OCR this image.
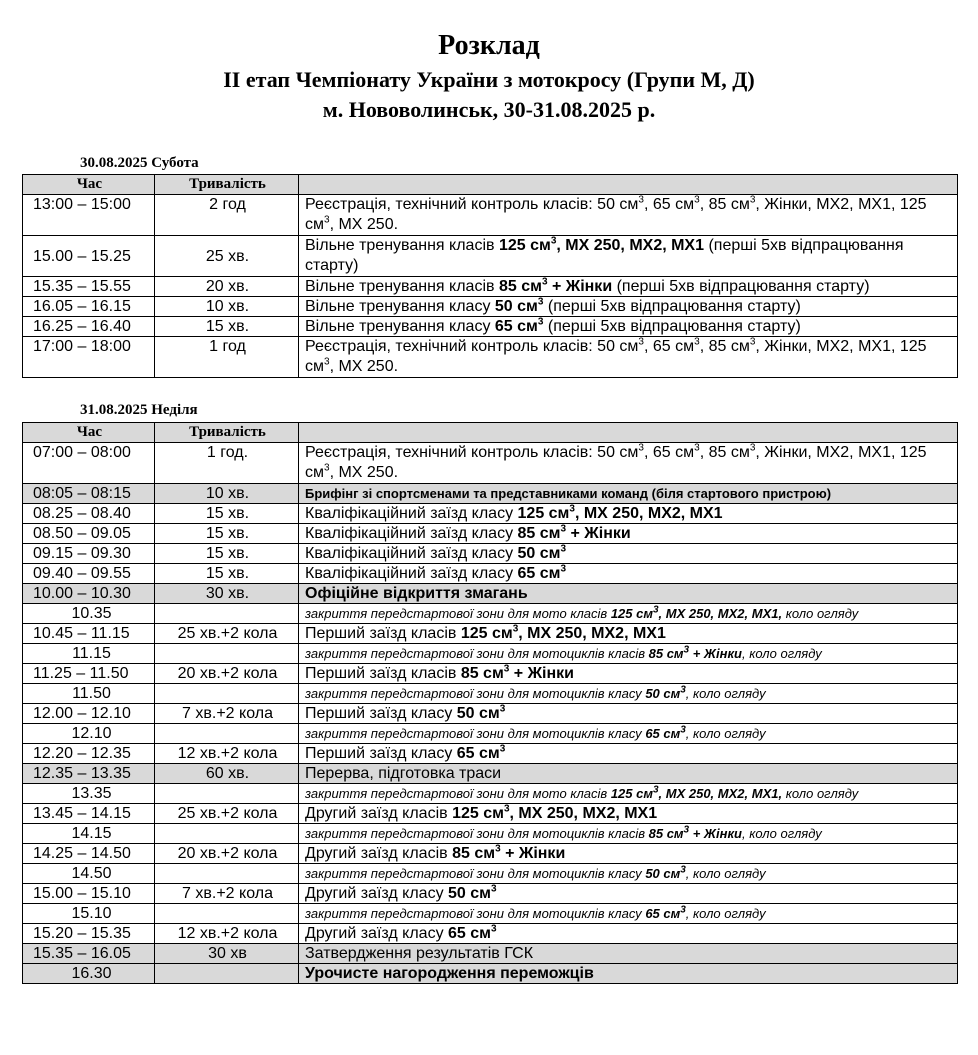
Розклад
ІІ етап Чемпіонату України з мотокросу (Групи М, Д)
м. Нововолинськ, 30-31.08.2025 р.
30.08.2025 Субота
Час	Тривалість	
13:00 – 15:00	2 год	Реєстрація, технічний контроль класів: 50 $см^3$, 65 $см^3$, 85 $см^3$, Жінки, МХ2, МХ1, 125 $см^3$, МХ 250.
15.00 – 15.25	25 хв.	Вільне тренування класів 125 $см^3$, МХ 250, МХ2, МХ1 (перші 5хв відпрацювання старту)
15.35 – 15.55	20 хв.	Вільне тренування класів 85 $см^3$ + Жінки (перші 5хв відпрацювання старту)
16.05 – 16.15	10 хв.	Вільне тренування класу 50 $см^3$ (перші 5хв відпрацювання старту)
16.25 – 16.40	15 хв.	Вільне тренування класу 65 $см^3$ (перші 5хв відпрацювання старту)
17:00 – 18:00	1 год	Реєстрація, технічний контроль класів: 50 $см^3$, 65 $см^3$, 85 $см^3$, Жінки, МХ2, МХ1, 125 $см^3$, МХ 250.
31.08.2025 Неділя
Час	Тривалість	
07:00 – 08:00	1 год.	Реєстрація, технічний контроль класів: 50 $см^3$, 65 $см^3$, 85 $см^3$, Жінки, МХ2, МХ1, 125 $см^3$, МХ 250.
08:05 – 08:15	10 хв.	Брифінг зі спортсменами та представниками команд (біля стартового пристрою)
08.25 – 08.40	15 хв.	Кваліфікаційний заїзд класу 125 $см^3$, МХ 250, МХ2, МХ1
08.50 – 09.05	15 хв.	Кваліфікаційний заїзд класу 85 $см^3$ + Жінки
09.15 – 09.30	15 хв.	Кваліфікаційний заїзд класу 50 $см^3$
09.40 – 09.55	15 хв.	Кваліфікаційний заїзд класу 65 $см^3$
10.00 – 10.30	30 хв.	Офіційне відкриття змагань
10.35		закриття передстартової зони для мото класів 125 $см^3$, МХ 250, МХ2, МХ1, коло огляду
10.45 – 11.15	25 хв.+2 кола	Перший заїзд класів 125 $см^3$, МХ 250, МХ2, МХ1
11.15		закриття передстартової зони для мотоциклів класів 85 $см^3$ + Жінки, коло огляду
11.25 – 11.50	20 хв.+2 кола	Перший заїзд класів 85 $см^3$ + Жінки
11.50		закриття передстартової зони для мотоциклів класу 50 $см^3$, коло огляду
12.00 – 12.10	7 хв.+2 кола	Перший заїзд класу 50 $см^3$
12.10		закриття передстартової зони для мотоциклів класу 65 $см^3$, коло огляду
12.20 – 12.35	12 хв.+2 кола	Перший заїзд класу 65 $см^3$
12.35 – 13.35	60 хв.	Перерва, підготовка траси
13.35		закриття передстартової зони для мото класів 125 $см^3$, МХ 250, МХ2, МХ1, коло огляду
13.45 – 14.15	25 хв.+2 кола	Другий заїзд класів 125 $см^3$, МХ 250, МХ2, МХ1
14.15		закриття передстартової зони для мотоциклів класів 85 $см^3$ + Жінки, коло огляду
14.25 – 14.50	20 хв.+2 кола	Другий заїзд класів 85 $см^3$ + Жінки
14.50		закриття передстартової зони для мотоциклів класу 50 $см^3$, коло огляду
15.00 – 15.10	7 хв.+2 кола	Другий заїзд класу 50 $см^3$
15.10		закриття передстартової зони для мотоциклів класу 65 $см^3$, коло огляду
15.20 – 15.35	12 хв.+2 кола	Другий заїзд класу 65 $см^3$
15.35 – 16.05	30 хв	Затвердження результатів ГСК
16.30		Урочисте нагородження переможців
